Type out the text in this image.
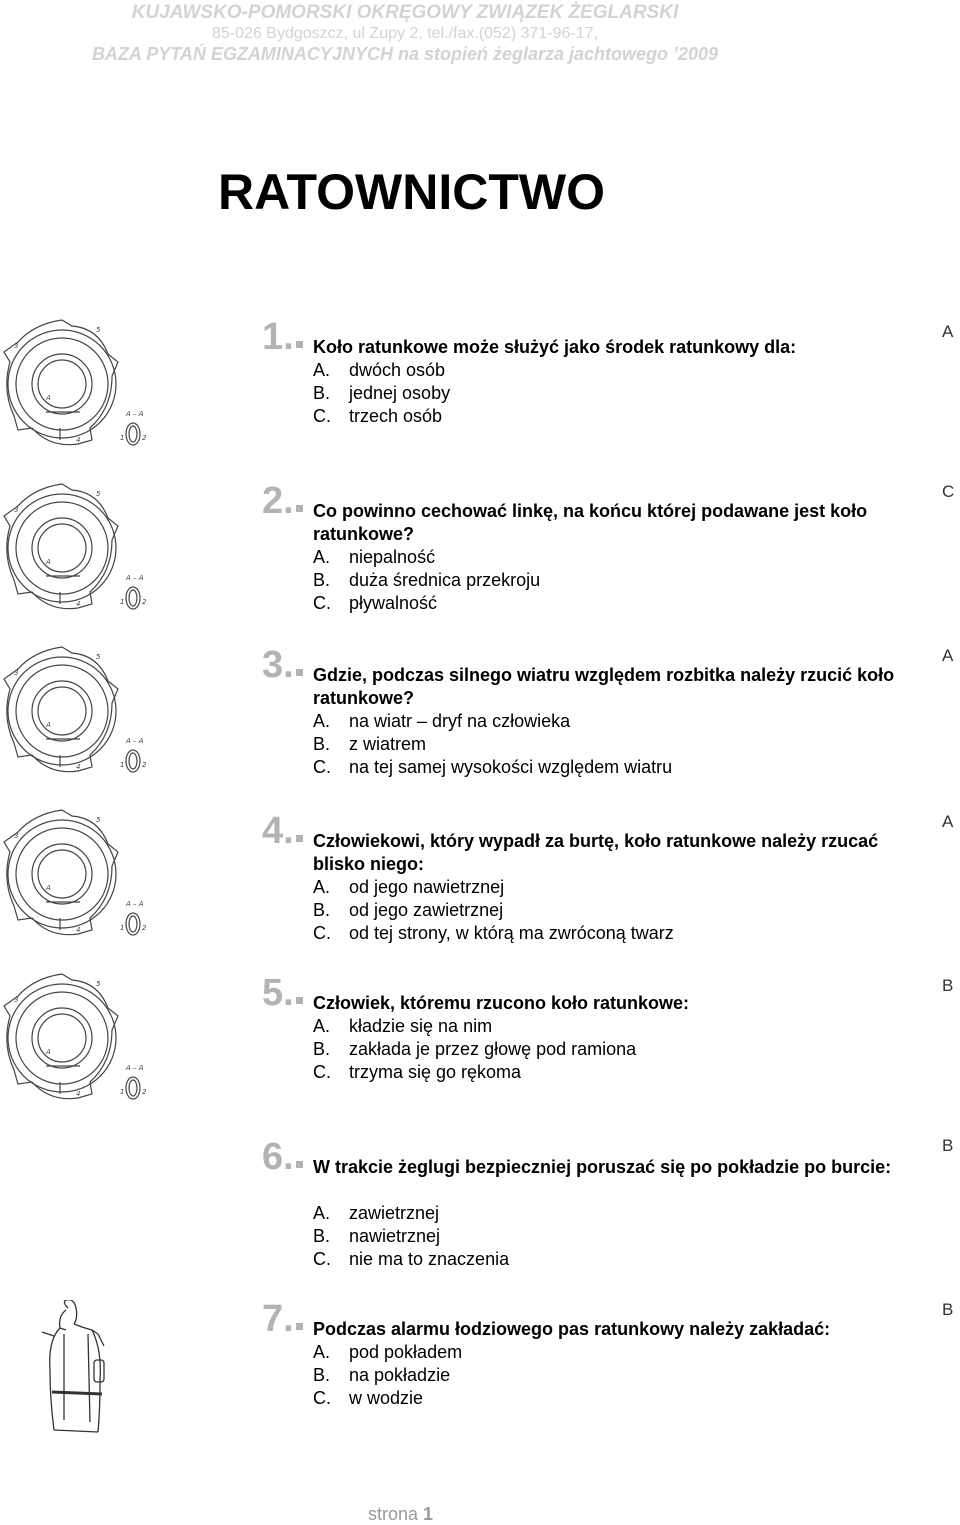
KUJAWSKO-POMORSKI OKRĘGOWY ZWIĄZEK ŻEGLARSKI
85-026 Bydgoszcz, ul Zupy 2, tel./fax.(052) 371-96-17,
BAZA PYTAŃ EGZAMINACYJNYCH na stopień żeglarza jachtowego ’2009
RATOWNICTWO
1. Koło ratunkowe może służyć jako środek ratunkowy dla:
A. dwóch osób
B. jednej osoby
C. trzech osób
A
2. Co powinno cechować linkę, na końcu której podawane jest koło ratunkowe?
A. niepalność
B. duża średnica przekroju
C. pływalność
C
3. Gdzie, podczas silnego wiatru względem rozbitka należy rzucić koło ratunkowe?
A. na wiatr – dryf na człowieka
B. z wiatrem
C. na tej samej wysokości względem wiatru
A
4. Człowiekowi, który wypadł za burtę, koło ratunkowe należy rzucać blisko niego:
A. od jego nawietrznej
B. od jego zawietrznej
C. od tej strony, w którą ma zwróconą twarz
A
5. Człowiek, któremu rzucono koło ratunkowe:
A. kładzie się na nim
B. zakłada je przez głowę pod ramiona
C. trzyma się go rękoma
B
6. W trakcie żeglugi bezpieczniej poruszać się po pokładzie po burcie:
A. zawietrznej
B. nawietrznej
C. nie ma to znaczenia
B
7. Podczas alarmu łodziowego pas ratunkowy należy zakładać:
A. pod pokładem
B. na pokładzie
C. w wodzie
B
strona 1
A – A
A
3
5
4	1	2
A – A
A
3
5
4	1	2
A – A
A
3
5
4	1	2
A – A
A
3
5
4	1	2
A – A
A
3
5
4	1	2
